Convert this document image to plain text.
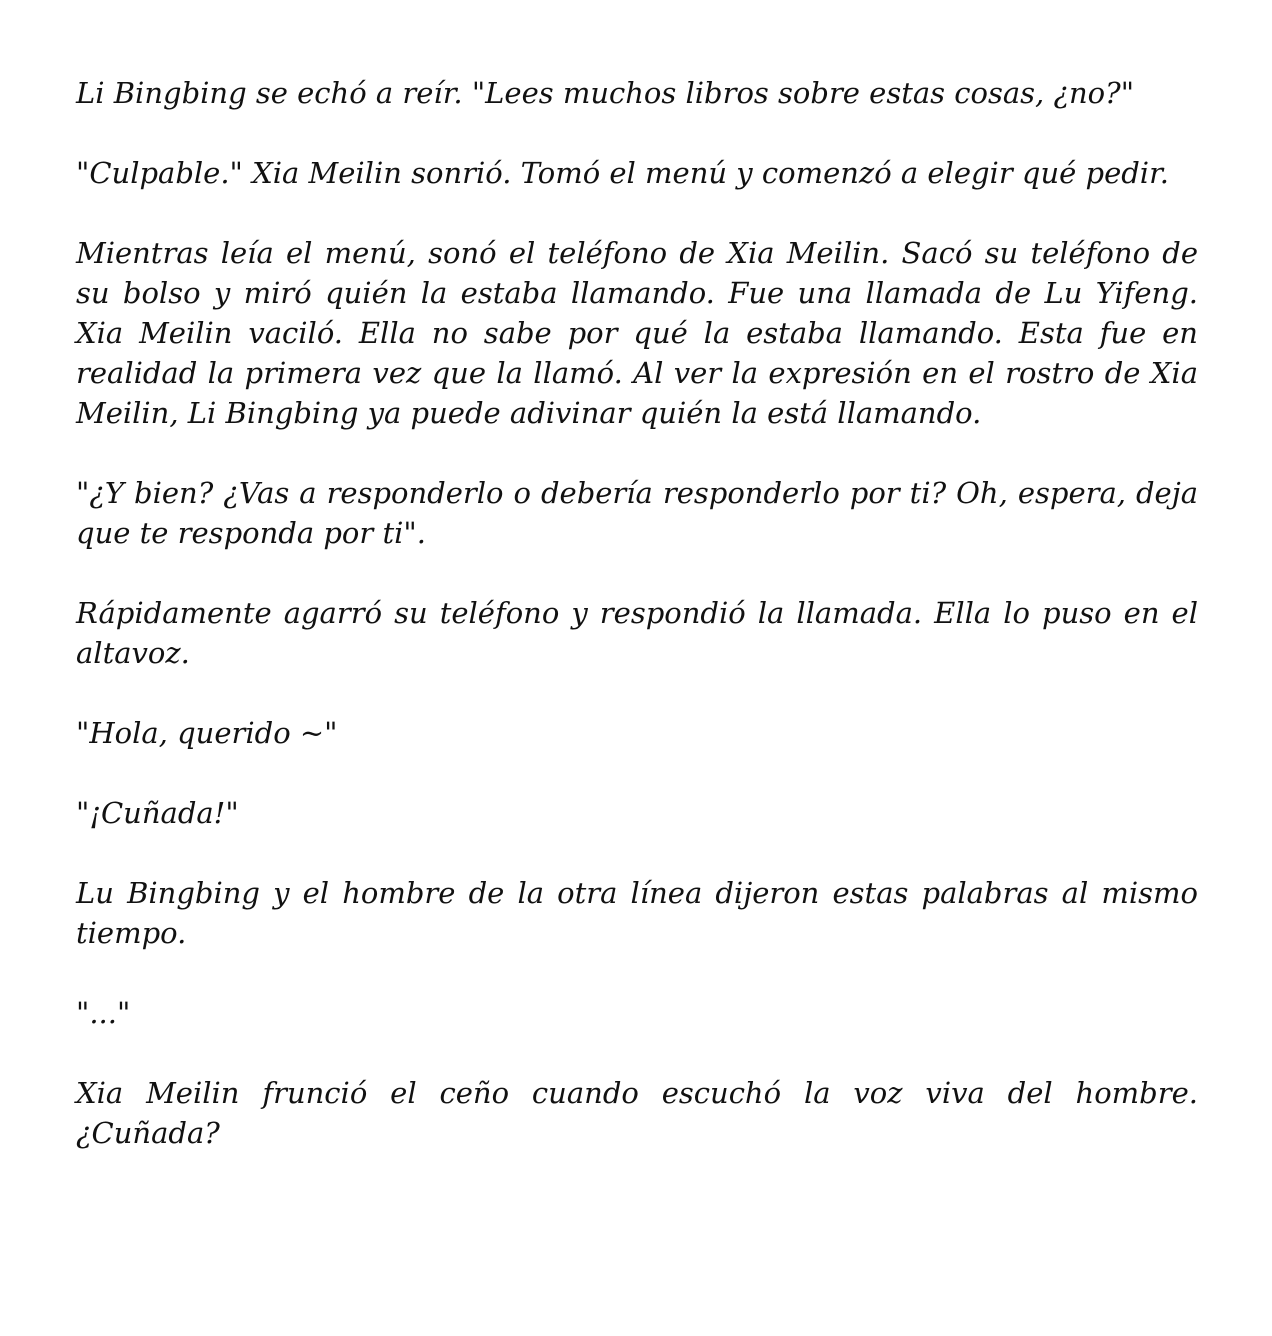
Li Bingbing se echó a reír. "Lees muchos libros sobre estas cosas, ¿no?"

"Culpable." Xia Meilin sonrió. Tomó el menú y comenzó a elegir qué pedir.

Mientras leía el menú, sonó el teléfono de Xia Meilin. Sacó su teléfono de su bolso y miró quién la estaba llamando. Fue una llamada de Lu Yifeng. Xia Meilin vaciló. Ella no sabe por qué la estaba llamando. Esta fue en realidad la primera vez que la llamó. Al ver la expresión en el rostro de Xia Meilin, Li Bingbing ya puede adivinar quién la está llamando.

"¿Y bien? ¿Vas a responderlo o debería responderlo por ti? Oh, espera, deja que te responda por ti".

Rápidamente agarró su teléfono y respondió la llamada. Ella lo puso en el altavoz.

"Hola, querido ~"

"¡Cuñada!"

Lu Bingbing y el hombre de la otra línea dijeron estas palabras al mismo tiempo.

"..."

Xia Meilin frunció el ceño cuando escuchó la voz viva del hombre. ¿Cuñada?
